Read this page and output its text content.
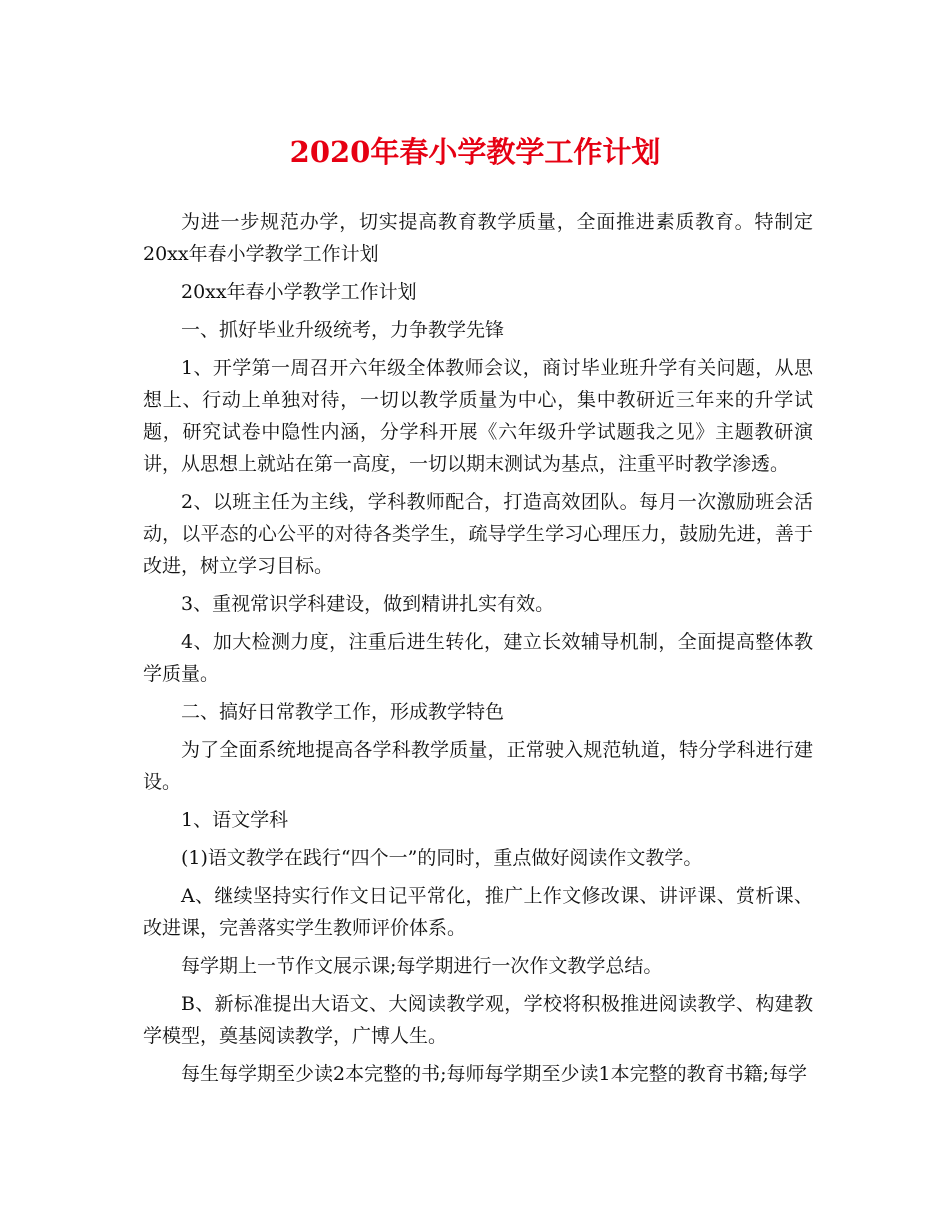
2020年春小学教学工作计划

为进一步规范办学，切实提高教育教学质量，全面推进素质教育。特制定20xx年春小学教学工作计划

20xx年春小学教学工作计划

一、抓好毕业升级统考，力争教学先锋

1、开学第一周召开六年级全体教师会议，商讨毕业班升学有关问题，从思想上、行动上单独对待，一切以教学质量为中心，集中教研近三年来的升学试题，研究试卷中隐性内涵，分学科开展《六年级升学试题我之见》主题教研演讲，从思想上就站在第一高度，一切以期末测试为基点，注重平时教学渗透。

2、以班主任为主线，学科教师配合，打造高效团队。每月一次激励班会活动，以平态的心公平的对待各类学生，疏导学生学习心理压力，鼓励先进，善于改进，树立学习目标。

3、重视常识学科建设，做到精讲扎实有效。

4、加大检测力度，注重后进生转化，建立长效辅导机制，全面提高整体教学质量。

二、搞好日常教学工作，形成教学特色

为了全面系统地提高各学科教学质量，正常驶入规范轨道，特分学科进行建设。

1、语文学科

(1)语文教学在践行“四个一”的同时，重点做好阅读作文教学。

A、继续坚持实行作文日记平常化，推广上作文修改课、讲评课、赏析课、改进课，完善落实学生教师评价体系。

每学期上一节作文展示课;每学期进行一次作文教学总结。

B、新标准提出大语文、大阅读教学观，学校将积极推进阅读教学、构建教学模型，奠基阅读教学，广博人生。

每生每学期至少读2本完整的书;每师每学期至少读1本完整的教育书籍;每学
